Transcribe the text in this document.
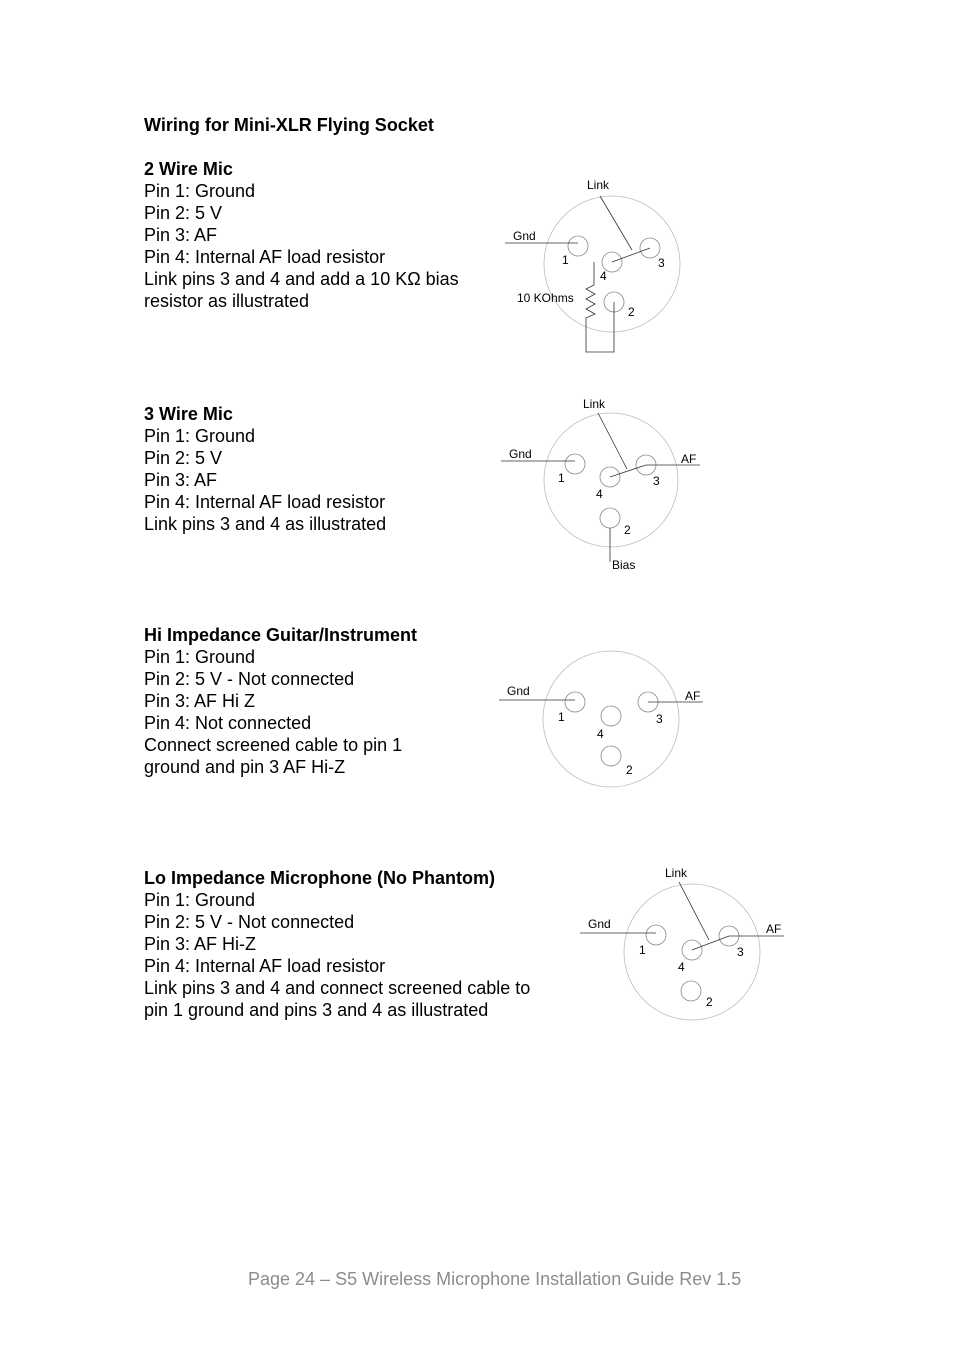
Wiring for Mini-XLR Flying Socket
2 Wire Mic
Pin 1: Ground
Pin 2: 5 V
Pin 3: AF
Pin 4: Internal AF load resistor
Link pins 3 and 4 and add a 10 KΩ bias
resistor as illustrated
3 Wire Mic
Pin 1: Ground
Pin 2: 5 V
Pin 3: AF
Pin 4: Internal AF load resistor
Link pins 3 and 4 as illustrated
Hi Impedance Guitar/Instrument
Pin 1: Ground
Pin 2: 5 V - Not connected
Pin 3: AF Hi Z
Pin 4: Not connected
Connect screened cable to pin 1
ground and pin 3 AF Hi-Z
Lo Impedance Microphone (No Phantom)
Pin 1: Ground
Pin 2: 5 V - Not connected
Pin 3: AF Hi-Z
Pin 4: Internal AF load resistor
Link pins 3 and 4 and connect screened cable to
pin 1 ground and pins 3 and 4 as illustrated
Link
Gnd
10 KOhms
1
4
3
2
Link
Gnd	AF
Bias
1
4
3
2
Gnd	AF
1
4
3
2
Link
Gnd	AF
1
4
3
2
Page 24 – S5 Wireless Microphone Installation Guide Rev 1.5
